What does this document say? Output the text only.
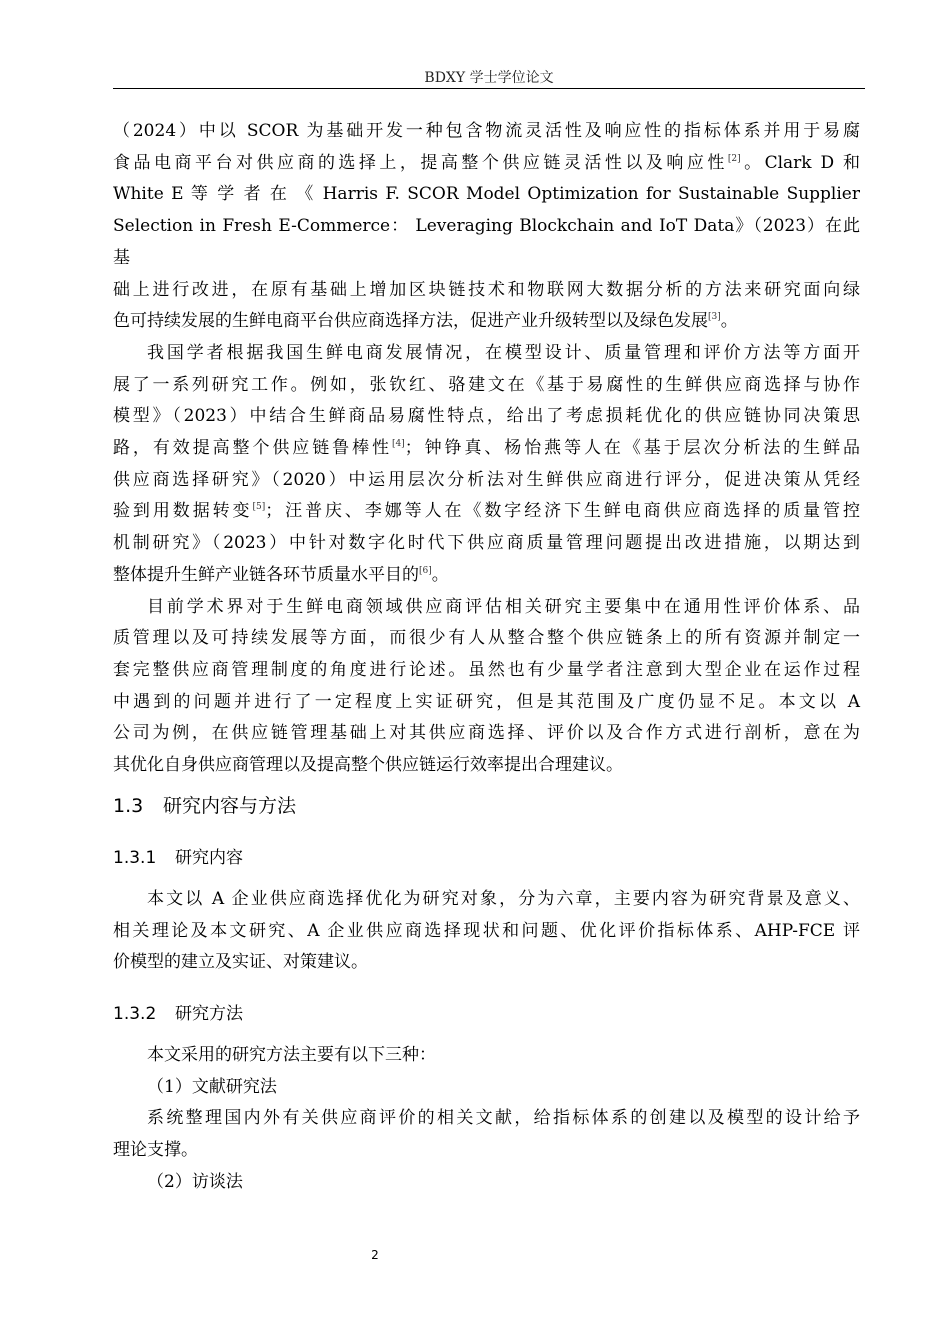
BDXY 学士学位论文

（2024）中以 SCOR 为基础开发一种包含物流灵活性及响应性的指标体系并用于易腐
食品电商平台对供应商的选择上，提高整个供应链灵活性以及响应性[2]。Clark D 和
White E 等 学 者 在 《 Harris F. SCOR Model Optimization for Sustainable Supplier
Selection in Fresh E-Commerce： Leveraging Blockchain and IoT Data》（2023）在此基
础上进行改进，在原有基础上增加区块链技术和物联网大数据分析的方法来研究面向绿
色可持续发展的生鲜电商平台供应商选择方法，促进产业升级转型以及绿色发展[3]。

我国学者根据我国生鲜电商发展情况，在模型设计、质量管理和评价方法等方面开

展了一系列研究工作。例如，张钦红、骆建文在《基于易腐性的生鲜供应商选择与协作
模型》（2023）中结合生鲜商品易腐性特点，给出了考虑损耗优化的供应链协同决策思
路，有效提高整个供应链鲁棒性[4]；钟铮真、杨怡燕等人在《基于层次分析法的生鲜品
供应商选择研究》（2020）中运用层次分析法对生鲜供应商进行评分，促进决策从凭经
验到用数据转变[5]；汪普庆、李娜等人在《数字经济下生鲜电商供应商选择的质量管控
机制研究》（2023）中针对数字化时代下供应商质量管理问题提出改进措施，以期达到
整体提升生鲜产业链各环节质量水平目的[6]。

目前学术界对于生鲜电商领域供应商评估相关研究主要集中在通用性评价体系、品

质管理以及可持续发展等方面，而很少有人从整合整个供应链条上的所有资源并制定一
套完整供应商管理制度的角度进行论述。虽然也有少量学者注意到大型企业在运作过程
中遇到的问题并进行了一定程度上实证研究，但是其范围及广度仍显不足。本文以 A
公司为例，在供应链管理基础上对其供应商选择、评价以及合作方式进行剖析，意在为
其优化自身供应商管理以及提高整个供应链运行效率提出合理建议。

1.3 研究内容与方法
1.3.1 研究内容

本文以 A 企业供应商选择优化为研究对象，分为六章，主要内容为研究背景及意义、

相关理论及本文研究、A 企业供应商选择现状和问题、优化评价指标体系、AHP-FCE 评
价模型的建立及实证、对策建议。

1.3.2 研究方法

本文采用的研究方法主要有以下三种：

（1）文献研究法

系统整理国内外有关供应商评价的相关文献，给指标体系的创建以及模型的设计给予

理论支撑。

（2）访谈法

2
